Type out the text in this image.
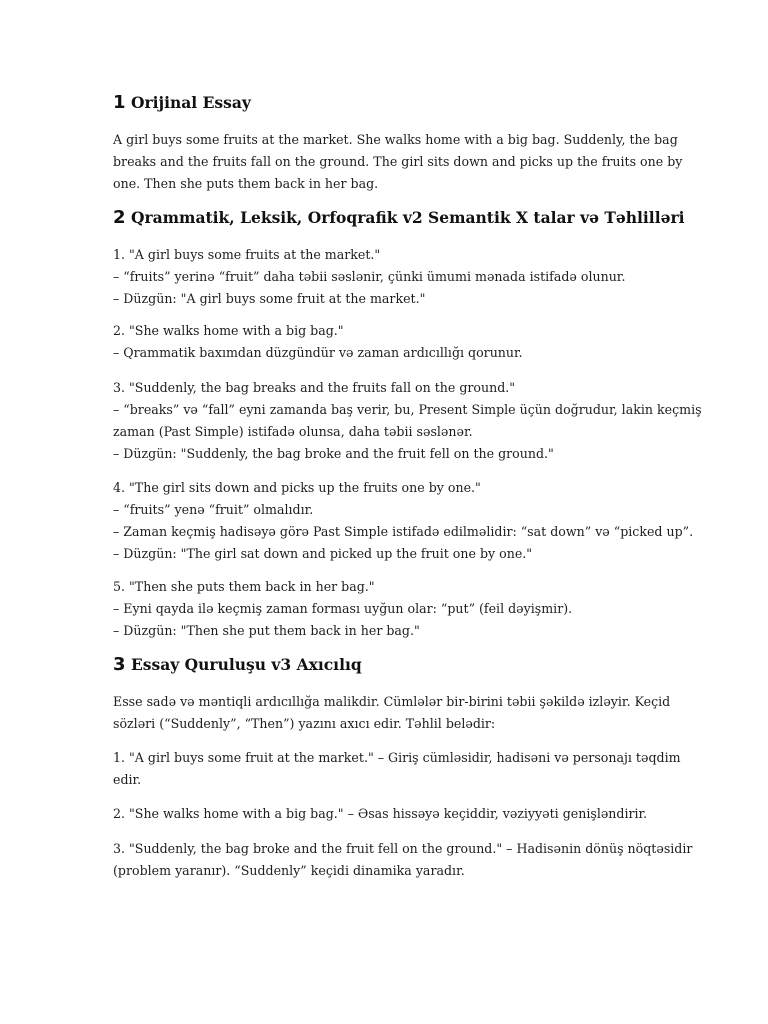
1 Orijinal Essay
A girl buys some fruits at the market. She walks home with a big bag. Suddenly, the bag
breaks and the fruits fall on the ground. The girl sits down and picks up the fruits one by
one. Then she puts them back in her bag.
2 Qrammatik, Leksik, Orfoqrafik v2 Semantik X talar və Təhlilləri
1. "A girl buys some fruits at the market."
– “fruits” yerinə “fruit” daha təbii səslənir, çünki ümumi mənada istifadə olunur.
– Düzgün: "A girl buys some fruit at the market."
2. "She walks home with a big bag."
– Qrammatik baxımdan düzgündür və zaman ardıcıllığı qorunur.
3. "Suddenly, the bag breaks and the fruits fall on the ground."
– “breaks” və “fall” eyni zamanda baş verir, bu, Present Simple üçün doğrudur, lakin keçmiş
zaman (Past Simple) istifadə olunsa, daha təbii səslənər.
– Düzgün: "Suddenly, the bag broke and the fruit fell on the ground."
4. "The girl sits down and picks up the fruits one by one."
– “fruits” yenə “fruit” olmalıdır.
– Zaman keçmiş hadisəyə görə Past Simple istifadə edilməlidir: “sat down” və “picked up”.
– Düzgün: "The girl sat down and picked up the fruit one by one."
5. "Then she puts them back in her bag."
– Eyni qayda ilə keçmiş zaman forması uyğun olar: “put” (feil dəyişmir).
– Düzgün: "Then she put them back in her bag."
3 Essay Quruluşu v3 Axıcılıq
Esse sadə və məntiqli ardıcıllığa malikdir. Cümlələr bir-birini təbii şəkildə izləyir. Keçid
sözləri (“Suddenly”, “Then”) yazını axıcı edir. Təhlil belədir:
1. "A girl buys some fruit at the market." – Giriş cümləsidir, hadisəni və personajı təqdim
edir.
2. "She walks home with a big bag." – Əsas hissəyə keçiddir, vəziyyəti genişləndirir.
3. "Suddenly, the bag broke and the fruit fell on the ground." – Hadisənin dönüş nöqtəsidir
(problem yaranır). “Suddenly” keçidi dinamika yaradır.
